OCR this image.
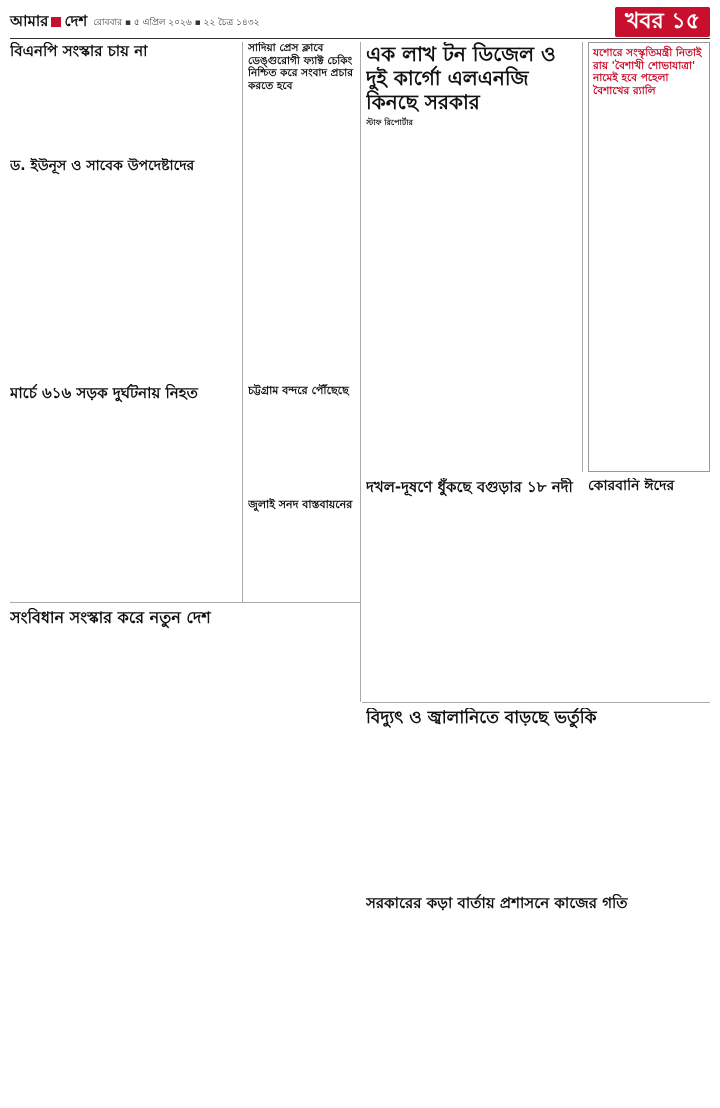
আমার দেশ রোববার ▪ ৫ এপ্রিল ২০২৬ ▪ ২২ চৈত্র ১৪৩২	খবর ১৫
বিএনপি সংস্কার চায় না
ড. ইউনূস ও সাবেক উপদেষ্টাদের
মার্চে ৬১৬ সড়ক দুর্ঘটনায় নিহত
সাদিয়া প্রেস ক্লাবে ডেঙ্গুরোগী ফ্যাক্ট চেকিং নিশ্চিত করে সংবাদ প্রচার করতে হবে
সংবিধান সংস্কার করে নতুন দেশ
এক লাখ টন ডিজেল ও দুই কার্গো এলএনজি কিনছে সরকার
স্টাফ রিপোর্টার
যশোরে সংস্কৃতিমন্ত্রী নিতাই রায় 'বৈশাখী শোভাযাত্রা' নামেই হবে পহেলা বৈশাখের র‍্যালি
চট্টগ্রাম বন্দরে পৌঁছেছে
জুলাই সনদ বাস্তবায়নের
দখল-দূষণে ধুঁকছে বগুড়ার ১৮ নদী	কোরবানি ঈদের
বিদ্যুৎ ও জ্বালানিতে বাড়ছে ভর্তুকি
সরকারের কড়া বার্তায় প্রশাসনে কাজের গতি
